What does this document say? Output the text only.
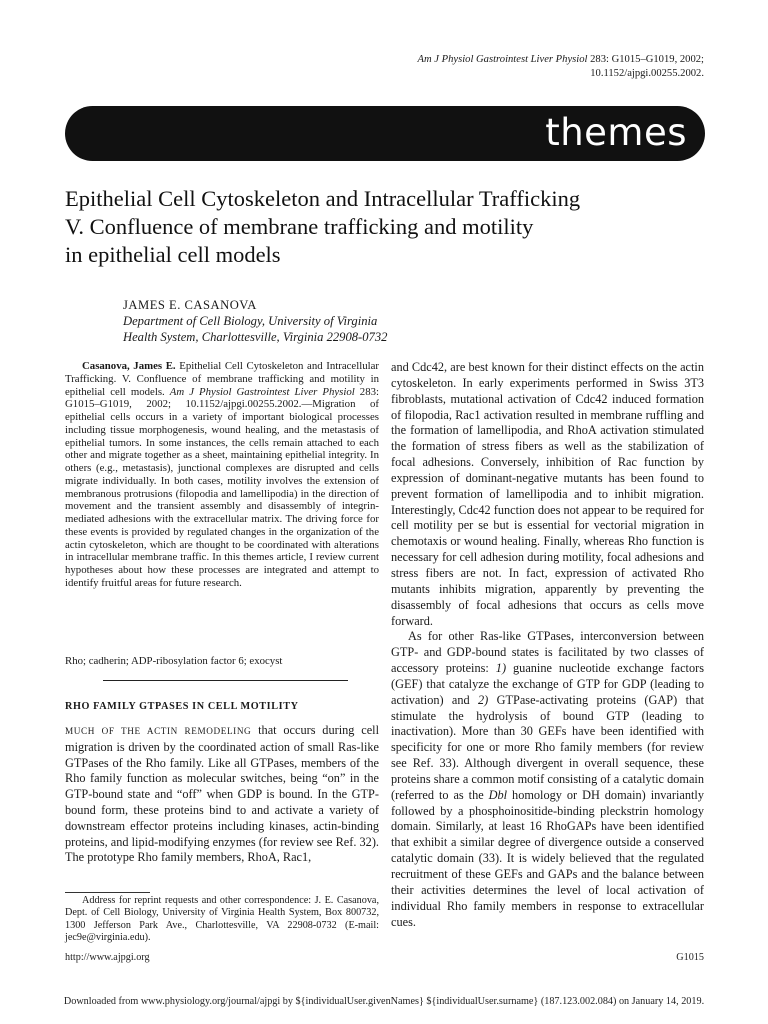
Am J Physiol Gastrointest Liver Physiol 283: G1015–G1019, 2002;
10.1152/ajpgi.00255.2002.
themes
Epithelial Cell Cytoskeleton and Intracellular Trafficking
V. Confluence of membrane trafficking and motility
in epithelial cell models
JAMES E. CASANOVA
Department of Cell Biology, University of Virginia
Health System, Charlottesville, Virginia 22908-0732

Casanova, James E. Epithelial Cell Cytoskeleton and Intracellular Trafficking. V. Confluence of membrane trafficking and motility in epithelial cell models. Am J Physiol Gastrointest Liver Physiol 283: G1015–G1019, 2002; 10.1152/ajpgi.00255.2002.—Migration of epithelial cells occurs in a variety of important biological processes including tissue morphogenesis, wound healing, and the metastasis of epithelial tumors. In some instances, the cells remain attached to each other and migrate together as a sheet, maintaining epithelial integrity. In others (e.g., metastasis), junctional complexes are disrupted and cells migrate individually. In both cases, motility involves the extension of membranous protrusions (filopodia and lamellipodia) in the direction of movement and the transient assembly and disassembly of integrin-mediated adhesions with the extracellular matrix. The driving force for these events is provided by regulated changes in the organization of the actin cytoskeleton, which are thought to be coordinated with alterations in intracellular membrane traffic. In this themes article, I review current hypotheses about how these processes are integrated and attempt to identify fruitful areas for future research.

Rho; cadherin; ADP-ribosylation factor 6; exocyst
RHO FAMILY GTPASES IN CELL MOTILITY

MUCH OF THE ACTIN REMODELING that occurs during cell migration is driven by the coordinated action of small Ras-like GTPases of the Rho family. Like all GTPases, members of the Rho family function as molecular switches, being “on” in the GTP-bound state and “off” when GDP is bound. In the GTP-bound form, these proteins bind to and activate a variety of downstream effector proteins including kinases, actin-binding proteins, and lipid-modifying enzymes (for review see Ref. 32). The prototype Rho family members, RhoA, Rac1,

Address for reprint requests and other correspondence: J. E. Casanova, Dept. of Cell Biology, University of Virginia Health System, Box 800732, 1300 Jefferson Park Ave., Charlottesville, VA 22908-0732 (E-mail: jec9e@virginia.edu).

and Cdc42, are best known for their distinct effects on the actin cytoskeleton. In early experiments performed in Swiss 3T3 fibroblasts, mutational activation of Cdc42 induced formation of filopodia, Rac1 activation resulted in membrane ruffling and the formation of lamellipodia, and RhoA activation stimulated the formation of stress fibers as well as the stabilization of focal adhesions. Conversely, inhibition of Rac function by expression of dominant-negative mutants has been found to prevent formation of lamellipodia and to inhibit migration. Interestingly, Cdc42 function does not appear to be required for cell motility per se but is essential for vectorial migration in chemotaxis or wound healing. Finally, whereas Rho function is necessary for cell adhesion during motility, focal adhesions and stress fibers are not. In fact, expression of activated Rho mutants inhibits migration, apparently by preventing the disassembly of focal adhesions that occurs as cells move forward.

As for other Ras-like GTPases, interconversion between GTP- and GDP-bound states is facilitated by two classes of accessory proteins: 1) guanine nucleotide exchange factors (GEF) that catalyze the exchange of GTP for GDP (leading to activation) and 2) GTPase-activating proteins (GAP) that stimulate the hydrolysis of bound GTP (leading to inactivation). More than 30 GEFs have been identified with specificity for one or more Rho family members (for review see Ref. 33). Although divergent in overall sequence, these proteins share a common motif consisting of a catalytic domain (referred to as the Dbl homology or DH domain) invariantly followed by a phosphoinositide-binding pleckstrin homology domain. Similarly, at least 16 RhoGAPs have been identified that exhibit a similar degree of divergence outside a conserved catalytic domain (33). It is widely believed that the regulated recruitment of these GEFs and GAPs and the balance between their activities determines the level of local activation of individual Rho family members in response to extracellular cues.

http://www.ajpgi.org	G1015
Downloaded from www.physiology.org/journal/ajpgi by ${individualUser.givenNames} ${individualUser.surname} (187.123.002.084) on January 14, 2019.
